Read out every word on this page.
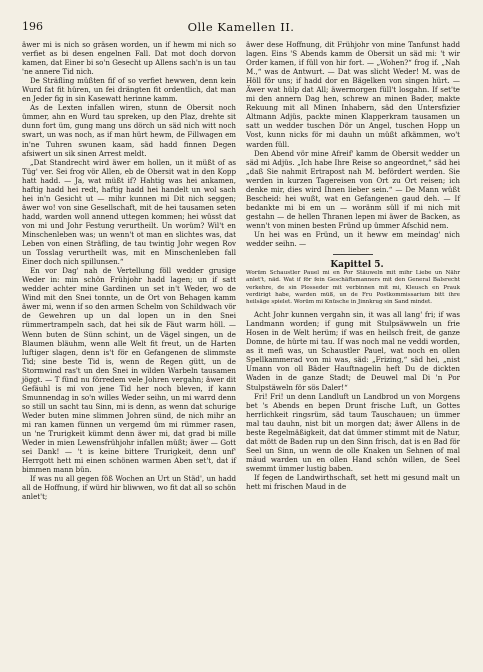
196	Olle Kamellen II.

äwer mi is nich so gräsen worden, un if hewm mi nich so verfiet as bi desen engelnen Fall. Dat mot doch dorvon kamen, dat Einer bi so'n Gesecht up Allens sach'n is un tau 'ne annere Tid nich.

De Sträfling müßten fif of so verfiet hewwen, denn kein Wurd fat fit hüren, un fei drängten fit ordentlich, dat man en Jeder fig in sin Kasewatt herinne kamm.

As de Lexten infallen wiren, stunn de Obersit noch ümmer, ahn en Wurd tau spreken, up den Plaz, drehte sit dunn fort üm, gung mang uns dörch un säd nich witt noch swart, un was noch, as if man hürt hewm, de Fillwagen em in'ne Tuhren swunen kaam, säd hadd finnen Degen afsiwert un sik sinen Arrest meldt.

„Dat Standrecht wird äwer em hollen, un it müßt of as Tüg' ver. Sei frog vör Allen, eb de Obersit wat in den Kopp hatt hadd. — Ja, wat müßt if? Hahtig was hei ankamen, haftig hadd hei redt, haftig hadd hei handelt un wol sach hei in'n Gesicht ut — mihr kunnen mi Dit nich seggen; äwer wo! von sine Gesellschaft, mit de hei tausamen seten hadd, warden woll annend uttegen kommen; hei wüsst dat von mi und Johr Festung verurtheilt. Un worüm? Wil't en Minschenleben was; un wenn't ot man en slichtes was, dat Leben von einen Sträfling, de tau twintig Johr wegen Rov un Tosslag verurtheilt was, mit en Minschenleben fall Einer doch nich spillunsen.“

En vor Dag' nah de Vertellung föll wedder grusige Weder in: min schön Frühjohr hadd lagen; un if satt wedder achter mine Gardinen un set in't Weder, wo de Wind mit den Snei tonnte, un de Ort von Behagen kamm äwer mi, wenn if so den armen Schelm von Schildwach vör de Gewehren up un dal lopen un in den Snei rümmertrampeln sach, dat hei sik de Fäut warm höll. — Wenn buten de Sünn schint, un de Vägel singen, un de Blaumen bläuhm, wenn alle Welt fit freut, un de Harten luftiger slagen, denn is't för en Gefangenen de slimmste Tid; sine beste Tid is, wenn de Regen gütt, un de Stormwind ras't un den Snei in wilden Warbeln tausamen jöggt. — T fünd nu förredem vele Johren vergahn; äwer dit Gefäuhl is mi von jene Tid her noch bleven, if kann Smunnendag in so'n willes Weder seihn, un mi warrd denn so still un sacht tau Sinn, mi is denn, as wenn dat schurige Weder buten mine slimmen Johren sünd, de nich mihr an mi ran kamen fünnen un vergemd üm mi rümmer rasen, un 'ne Trurigkeit kümmt denn äwer mi, dat grad bi mille Weder in mien Lewensfrühjohr infallen müßt; äwer — Gott sei Dank! — 't is keine bittere Trurigkeit, denn unf' Herrgott hett mi einen schönen warmen Aben set't, dat if bimmen mann bün.

If was nu all gegen föß Wochen an Urt un Städ', un hadd all de Hoffnung, if würd hir bliwwen, wo fit dat all so schön anlet't;

äwer dese Hoffnung, dit Frühjohr von mine Tanfunst hadd lagen. Eins 'S Abends kamm de Obersit un säd mi: 't wir Order kamen, if füll von hir fort. — „Wohen?“ frog if. „Nah M.,“ was de Antwurt. — Dat was slicht Weder! M. was de Höll för uns; if hadd dor en Bägelken von singen hürt. — Äwer wat hülp dat All; äwermorgen füll't losgahn. If set'te mi den annern Dag hen, schrew an minen Bader, makte Rekuung mit all Minen Inhabern, säd den Untersfizier Altmann Adjüs, packte minen Klapperkram tausamen un satt un wedder tuschen Dör un Angel, tuschen Hopp un Vost, kunn nicks för mi dauhn un müßt afkämmen, wo't warden füll.

Den Abend vör mine Afreif' kamm de Obersit wedder un säd mi Adjüs. „Ich habe Ihre Reise so angeordnet,“ säd hei „daß Sie nahmit Ertrapost nah M. befördert werden. Sie werden in kurzen Tagereisen von Ort zu Ort reisen; ich denke mir, dies wird Ihnen lieber sein.“ — De Mann wüßt Bescheid: hei wußt, wat en Gefangenen gaud deh. — If bedankte mi bi em un — woränm süll if mi nich mit gestahn — de hellen Thranen lepen mi äwer de Backen, as wenn't von minen besten Fründ up ümmer Afschid nem.

Un hei was en Fründ, un it heww em meindag' nich wedder seihn. —

Kapittel 5.

Worüm Schaustler Pauel mi en Por Stäuweln mit mihr Liebe un Nähr anlet't, näd. Wat if för fein Geschäftsmanners mit den General Balsrecht verkehre, de sin Plosseder mit verbinnen mit mi, Kleusch en Prauk verdirigt habe, warden müß, un de Fru Postkommissarium bitt ihre heilsäge spielet. Worüm mi Knüsche in Jinnkrug sin Sand mindet.

Acht Johr kunnen vergahn sin, it was all lang' fri; if was Landmann worden; if gung mit Stulpsäwweln un frie Hosen in de Welt herüm; if was en heilsch freit, de ganze Domne, de hürte mi tau. If was noch mal ne veddi worden, as it mefi was, un Schaustler Pauel, wat noch en ollen Spellkammerad von mi was, säd: „Frizing,“ säd hei, „nist Umann von oll Bäder Hauftnagelin heft Du de dickten Waden in de ganze Stadt; de Deuwel mal Di 'n Por Stulpstäweln för sös Daler!“

Fri! Fri! un denn Landluft un Landbrod un von Morgens bet 's Abends en bepen Drunt frische Luft, un Gottes herrlichkeit ringsrüm, säd taum Tauschauen; un ümmer mal tau dauhn, nist bit un morgen dat; äwer Allens in de beste Regelmäßigkeit, dat dat ümmer stimmt mit de Natur, dat mött de Baden rup un den Sinn frisch, dat is en Bad för Seel un Sinn, un wenn de olle Knaken un Sehnen of mal mäud warden un en ollen Hand schön willen, de Seel swemmt ümmer lustig baben.

If fegen de Landwirthschaft, set hett mi gesund malt un hett mi frischen Maud in de
